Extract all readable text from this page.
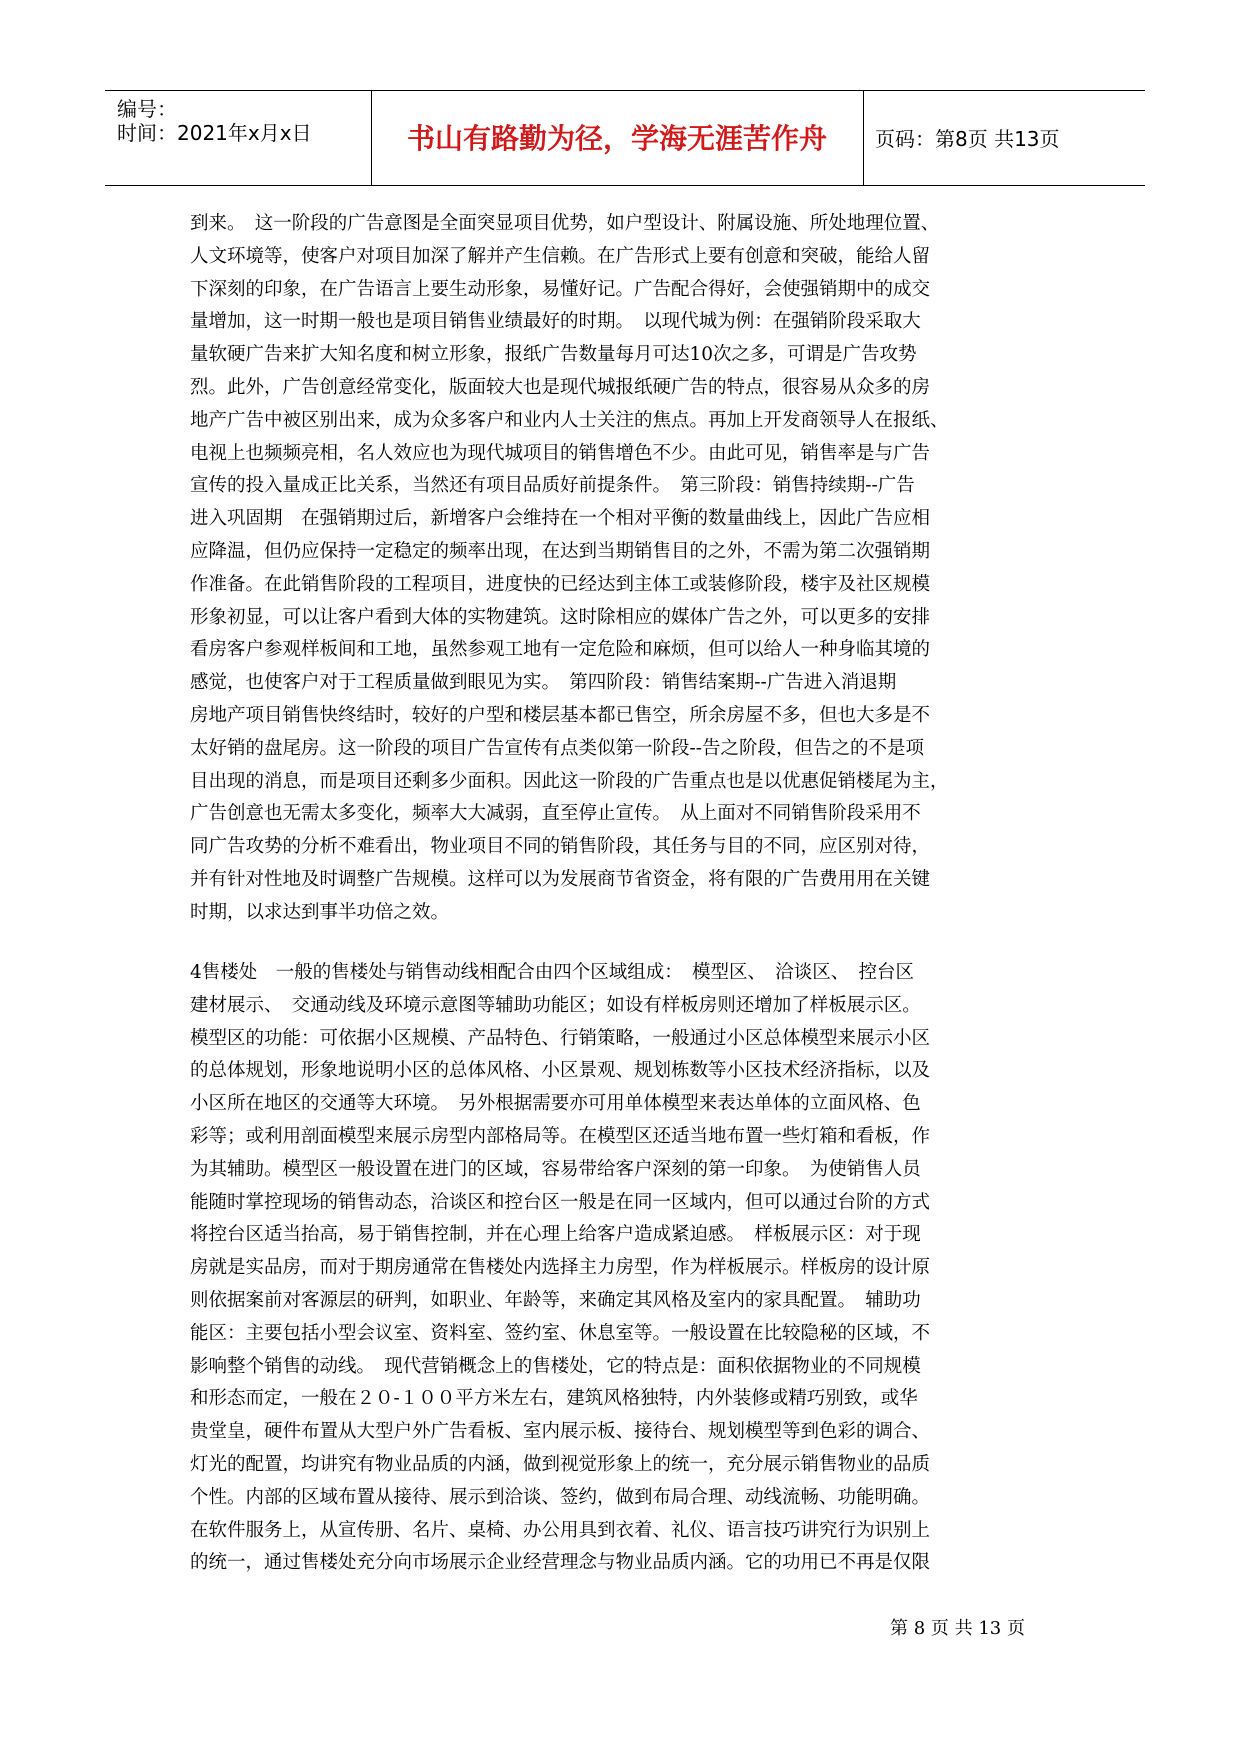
编号：
时间：2021年x月x日	书山有路勤为径，学海无涯苦作舟	页码：第8页 共13页
到来。　这一阶段的广告意图是全面突显项目优势，如户型设计、附属设施、所处地理位置、
人文环境等，使客户对项目加深了解并产生信赖。在广告形式上要有创意和突破，能给人留
下深刻的印象，在广告语言上要生动形象，易懂好记。广告配合得好，会使强销期中的成交
量增加，这一时期一般也是项目销售业绩最好的时期。　以现代城为例：在强销阶段采取大
量软硬广告来扩大知名度和树立形象，报纸广告数量每月可达10次之多，可谓是广告攻势
烈。此外，广告创意经常变化，版面较大也是现代城报纸硬广告的特点，很容易从众多的房
地产广告中被区别出来，成为众多客户和业内人士关注的焦点。再加上开发商领导人在报纸、
电视上也频频亮相，名人效应也为现代城项目的销售增色不少。由此可见，销售率是与广告
宣传的投入量成正比关系，当然还有项目品质好前提条件。　第三阶段：销售持续期--广告
进入巩固期　在强销期过后，新增客户会维持在一个相对平衡的数量曲线上，因此广告应相
应降温，但仍应保持一定稳定的频率出现，在达到当期销售目的之外，不需为第二次强销期
作准备。在此销售阶段的工程项目，进度快的已经达到主体工或装修阶段，楼宇及社区规模
形象初显，可以让客户看到大体的实物建筑。这时除相应的媒体广告之外，可以更多的安排
看房客户参观样板间和工地，虽然参观工地有一定危险和麻烦，但可以给人一种身临其境的
感觉，也使客户对于工程质量做到眼见为实。　第四阶段：销售结案期--广告进入消退期
房地产项目销售快终结时，较好的户型和楼层基本都已售空，所余房屋不多，但也大多是不
太好销的盘尾房。这一阶段的项目广告宣传有点类似第一阶段--告之阶段，但告之的不是项
目出现的消息，而是项目还剩多少面积。因此这一阶段的广告重点也是以优惠促销楼尾为主，
广告创意也无需太多变化，频率大大减弱，直至停止宣传。　从上面对不同销售阶段采用不
同广告攻势的分析不难看出，物业项目不同的销售阶段，其任务与目的不同，应区别对待，
并有针对性地及时调整广告规模。这样可以为发展商节省资金，将有限的广告费用用在关键
时期，以求达到事半功倍之效。
4售楼处　一般的售楼处与销售动线相配合由四个区域组成：　模型区、　洽谈区、　控台区
建材展示、　交通动线及环境示意图等辅助功能区；如设有样板房则还增加了样板展示区。
模型区的功能：可依据小区规模、产品特色、行销策略，一般通过小区总体模型来展示小区
的总体规划，形象地说明小区的总体风格、小区景观、规划栋数等小区技术经济指标，以及
小区所在地区的交通等大环境。　另外根据需要亦可用单体模型来表达单体的立面风格、色
彩等；或利用剖面模型来展示房型内部格局等。在模型区还适当地布置一些灯箱和看板，作
为其辅助。模型区一般设置在进门的区域，容易带给客户深刻的第一印象。　为使销售人员
能随时掌控现场的销售动态，洽谈区和控台区一般是在同一区域内，但可以通过台阶的方式
将控台区适当抬高，易于销售控制，并在心理上给客户造成紧迫感。　样板展示区：对于现
房就是实品房，而对于期房通常在售楼处内选择主力房型，作为样板展示。样板房的设计原
则依据案前对客源层的研判，如职业、年龄等，来确定其风格及室内的家具配置。　辅助功
能区：主要包括小型会议室、资料室、签约室、休息室等。一般设置在比较隐秘的区域，不
影响整个销售的动线。　现代营销概念上的售楼处，它的特点是：面积依据物业的不同规模
和形态而定，一般在２０-１００平方米左右，建筑风格独特，内外装修或精巧别致，或华
贵堂皇，硬件布置从大型户外广告看板、室内展示板、接待台、规划模型等到色彩的调合、
灯光的配置，均讲究有物业品质的内涵，做到视觉形象上的统一，充分展示销售物业的品质
个性。内部的区域布置从接待、展示到洽谈、签约，做到布局合理、动线流畅、功能明确。
在软件服务上，从宣传册、名片、桌椅、办公用具到衣着、礼仪、语言技巧讲究行为识别上
的统一，通过售楼处充分向市场展示企业经营理念与物业品质内涵。它的功用已不再是仅限
第 8 页 共 13 页
